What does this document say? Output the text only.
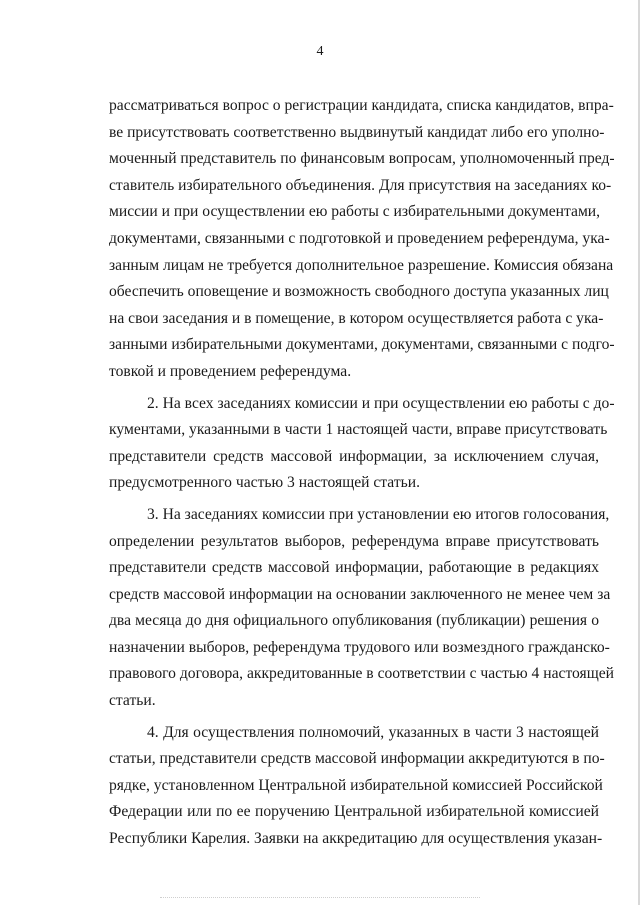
4
рассматриваться вопрос о регистрации кандидата, списка кандидатов, впра-
ве присутствовать соответственно выдвинутый кандидат либо его уполно-
моченный представитель по финансовым вопросам, уполномоченный пред-
ставитель избирательного объединения. Для присутствия на заседаниях ко-
миссии и при осуществлении ею работы с избирательными документами,
документами, связанными с подготовкой и проведением референдума, ука-
занным лицам не требуется дополнительное разрешение. Комиссия обязана
обеспечить оповещение и возможность свободного доступа указанных лиц
на свои заседания и в помещение, в котором осуществляется работа с ука-
занными избирательными документами, документами, связанными с подго-
товкой и проведением референдума.
2. На всех заседаниях комиссии и при осуществлении ею работы с до-
кументами, указанными в части 1 настоящей части, вправе присутствовать
представители средств массовой информации, за исключением случая,
предусмотренного частью 3 настоящей статьи.
3. На заседаниях комиссии при установлении ею итогов голосования,
определении результатов выборов, референдума вправе присутствовать
представители средств массовой информации, работающие в редакциях
средств массовой информации на основании заключенного не менее чем за
два месяца до дня официального опубликования (публикации) решения о
назначении выборов, референдума трудового или возмездного гражданско-
правового договора, аккредитованные в соответствии с частью 4 настоящей
статьи.
4. Для осуществления полномочий, указанных в части 3 настоящей
статьи, представители средств массовой информации аккредитуются в по-
рядке, установленном Центральной избирательной комиссией Российской
Федерации или по ее поручению Центральной избирательной комиссией
Республики Карелия. Заявки на аккредитацию для осуществления указан-
